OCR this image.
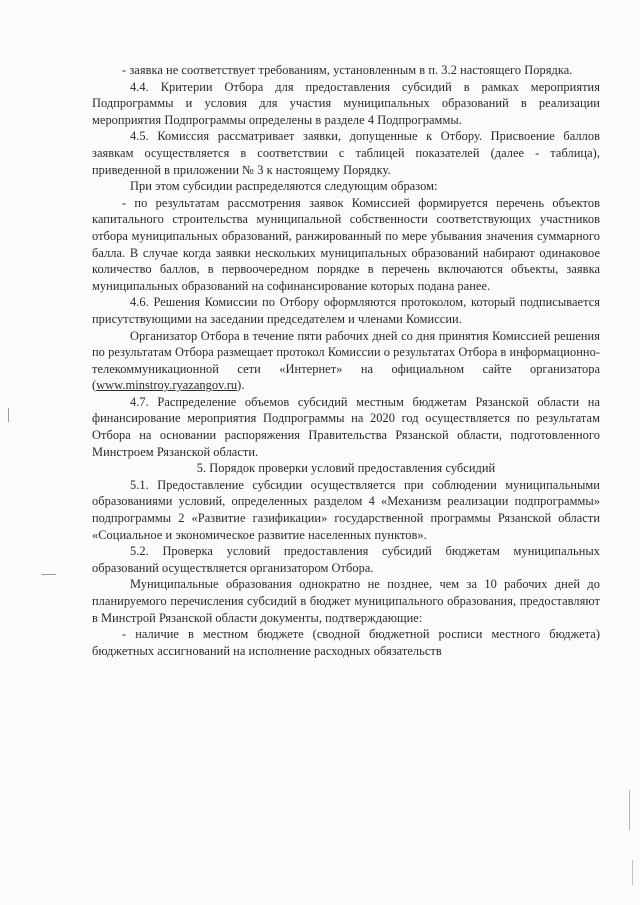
- заявка не соответствует требованиям, установленным в п. 3.2 настоящего Порядка.

4.4. Критерии Отбора для предоставления субсидий в рамках мероприятия Подпрограммы и условия для участия муниципальных образований в реализации мероприятия Подпрограммы определены в разделе 4 Подпрограммы.

4.5. Комиссия рассматривает заявки, допущенные к Отбору. Присвоение баллов заявкам осуществляется в соответствии с таблицей показателей (далее - таблица), приведенной в приложении № 3 к настоящему Порядку.

При этом субсидии распределяются следующим образом:

- по результатам рассмотрения заявок Комиссией формируется перечень объектов капитального строительства муниципальной собственности соответствующих участников отбора муниципальных образований, ранжированный по мере убывания значения суммарного балла. В случае когда заявки нескольких муниципальных образований набирают одинаковое количество баллов, в первоочередном порядке в перечень включаются объекты, заявка муниципальных образований на софинансирование которых подана ранее.

4.6. Решения Комиссии по Отбору оформляются протоколом, который подписывается присутствующими на заседании председателем и членами Комиссии.

Организатор Отбора в течение пяти рабочих дней со дня принятия Комиссией решения по результатам Отбора размещает протокол Комиссии о результатах Отбора в информационно-телекоммуникационной сети «Интернет» на официальном сайте организатора (www.minstroy.ryazangov.ru).

4.7. Распределение объемов субсидий местным бюджетам Рязанской области на финансирование мероприятия Подпрограммы на 2020 год осуществляется по результатам Отбора на основании распоряжения Правительства Рязанской области, подготовленного Минстроем Рязанской области.

5. Порядок проверки условий предоставления субсидий

5.1. Предоставление субсидии осуществляется при соблюдении муниципальными образованиями условий, определенных разделом 4 «Механизм реализации подпрограммы» подпрограммы 2 «Развитие газификации» государственной программы Рязанской области «Социальное и экономическое развитие населенных пунктов».

5.2. Проверка условий предоставления субсидий бюджетам муниципальных образований осуществляется организатором Отбора.

Муниципальные образования однократно не позднее, чем за 10 рабочих дней до планируемого перечисления субсидий в бюджет муниципального образования, предоставляют в Минстрой Рязанской области документы, подтверждающие:

- наличие в местном бюджете (сводной бюджетной росписи местного бюджета) бюджетных ассигнований на исполнение расходных обязательств
